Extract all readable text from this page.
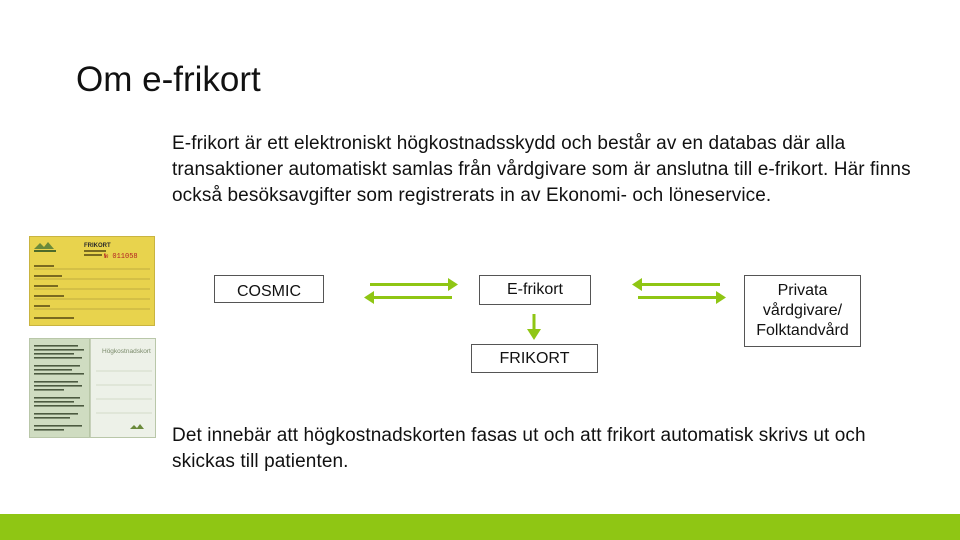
Om e-frikort

E-frikort är ett elektroniskt högkostnadsskydd och består av en databas där alla transaktioner automatiskt samlas från vårdgivare som är anslutna till e-frikort. Här finns också besöksavgifter som registrerats in av Ekonomi- och löneservice.

FRIKORT
№ 011058
Högkostnadskort
COSMIC	E-frikort	Privata vårdgivare/ Folktandvård
FRIKORT

Det innebär att högkostnadskorten fasas ut och att frikort automatisk skrivs ut och skickas till patienten.
